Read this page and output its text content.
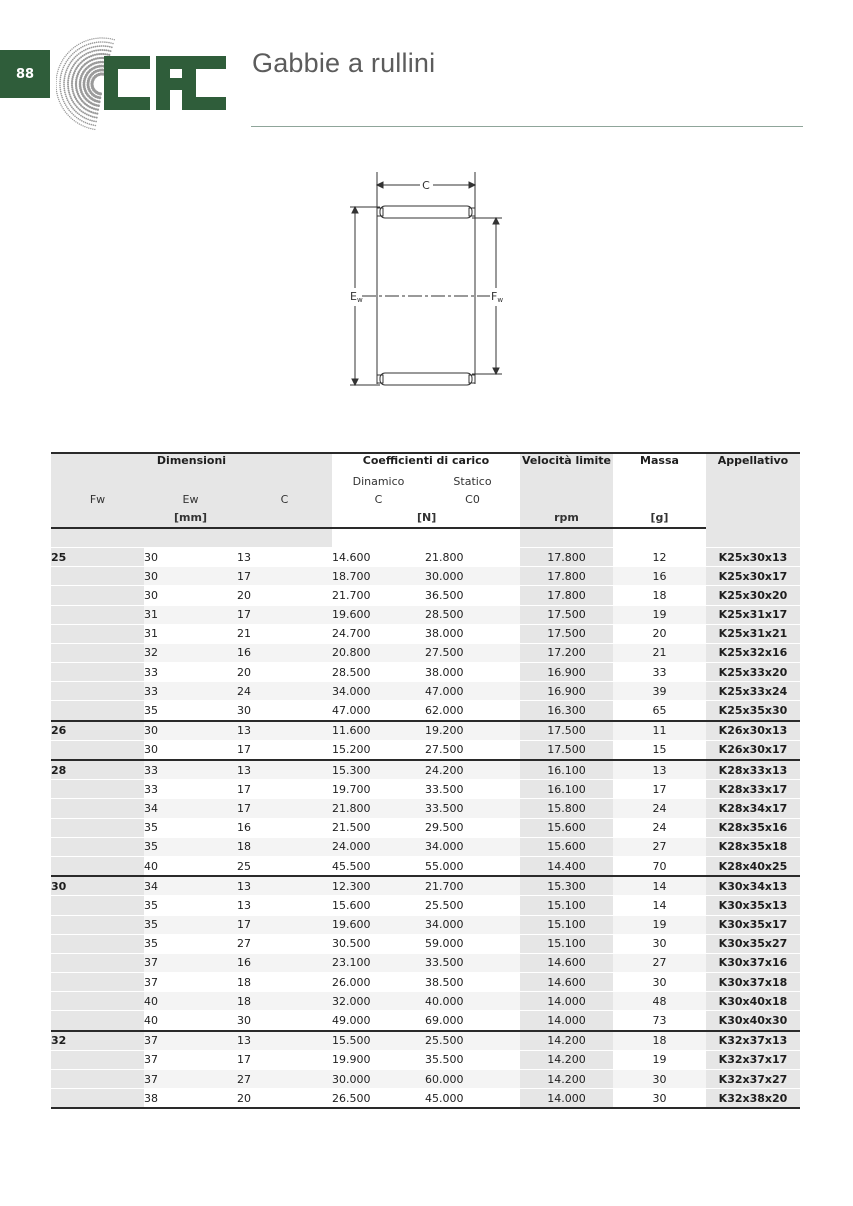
88	Gabbie a rullini
C
Ew	Fw
Dimensioni			Coefficienti di carico		Velocità limite	Massa	Appellativo
			Dinamico	Statico			
Fw	Ew	C	C	C0			
	[mm]			[N]	rpm	[g]	

25	30	13	14.600	21.800	17.800	12	K25x30x13
	30	17	18.700	30.000	17.800	16	K25x30x17
	30	20	21.700	36.500	17.800	18	K25x30x20
	31	17	19.600	28.500	17.500	19	K25x31x17
	31	21	24.700	38.000	17.500	20	K25x31x21
	32	16	20.800	27.500	17.200	21	K25x32x16
	33	20	28.500	38.000	16.900	33	K25x33x20
	33	24	34.000	47.000	16.900	39	K25x33x24
	35	30	47.000	62.000	16.300	65	K25x35x30
26	30	13	11.600	19.200	17.500	11	K26x30x13
	30	17	15.200	27.500	17.500	15	K26x30x17
28	33	13	15.300	24.200	16.100	13	K28x33x13
	33	17	19.700	33.500	16.100	17	K28x33x17
	34	17	21.800	33.500	15.800	24	K28x34x17
	35	16	21.500	29.500	15.600	24	K28x35x16
	35	18	24.000	34.000	15.600	27	K28x35x18
	40	25	45.500	55.000	14.400	70	K28x40x25
30	34	13	12.300	21.700	15.300	14	K30x34x13
	35	13	15.600	25.500	15.100	14	K30x35x13
	35	17	19.600	34.000	15.100	19	K30x35x17
	35	27	30.500	59.000	15.100	30	K30x35x27
	37	16	23.100	33.500	14.600	27	K30x37x16
	37	18	26.000	38.500	14.600	30	K30x37x18
	40	18	32.000	40.000	14.000	48	K30x40x18
	40	30	49.000	69.000	14.000	73	K30x40x30
32	37	13	15.500	25.500	14.200	18	K32x37x13
	37	17	19.900	35.500	14.200	19	K32x37x17
	37	27	30.000	60.000	14.200	30	K32x37x27
	38	20	26.500	45.000	14.000	30	K32x38x20
